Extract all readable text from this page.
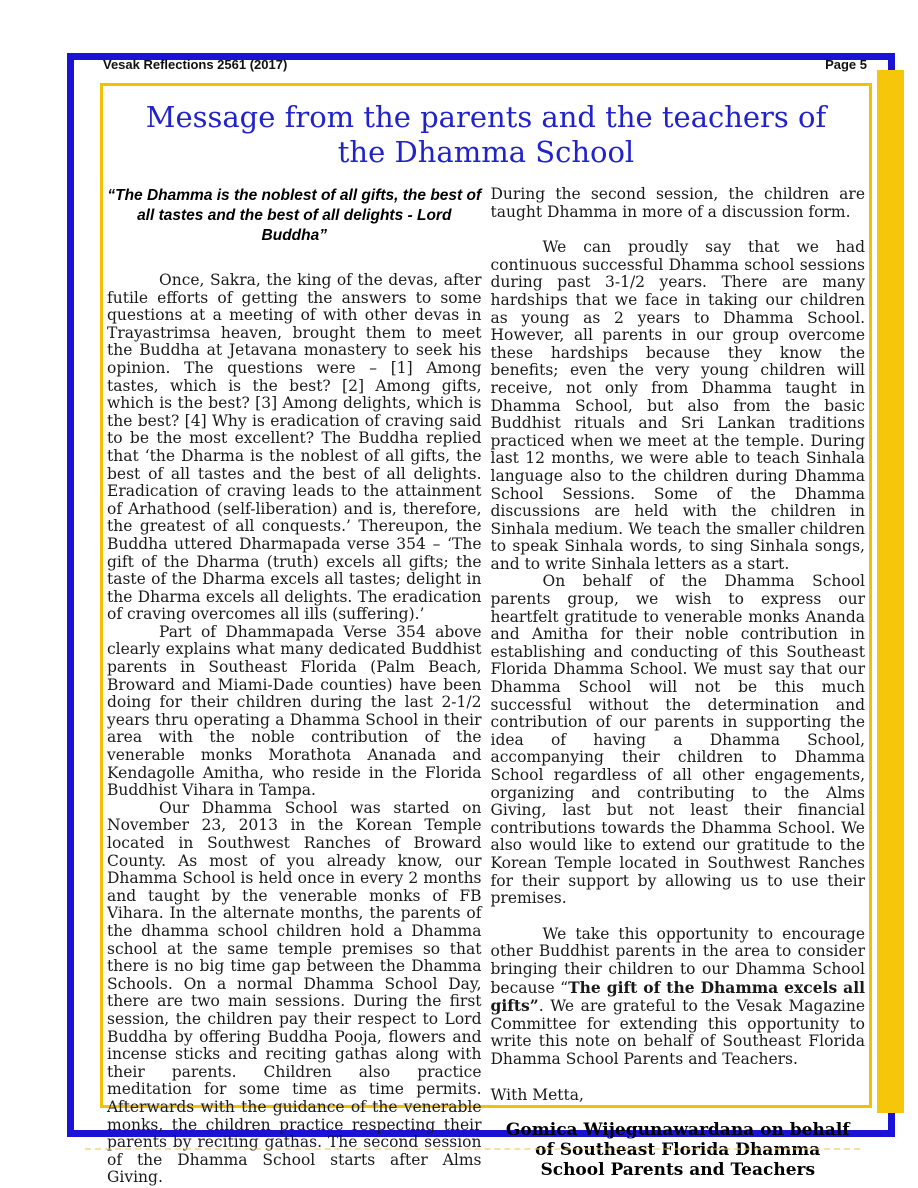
Vesak Reflections 2561 (2017)	Page 5
Message from the parents and the teachers of the Dhamma School
“The Dhamma is the noblest of all gifts, the best of all tastes and the best of all delights - Lord Buddha”

Once, Sakra, the king of the devas, after futile efforts of getting the answers to some questions at a meeting of with other devas in Trayastrimsa heaven, brought them to meet the Buddha at Jetavana monastery to seek his opinion. The questions were – [1] Among tastes, which is the best? [2] Among gifts, which is the best? [3] Among delights, which is the best? [4] Why is eradication of craving said to be the most excellent? The Buddha replied that ‘the Dharma is the noblest of all gifts, the best of all tastes and the best of all delights. Eradication of craving leads to the attainment of Arhathood (self-liberation) and is, therefore, the greatest of all conquests.’ Thereupon, the Buddha uttered Dharmapada verse 354 – ‘The gift of the Dharma (truth) excels all gifts; the taste of the Dharma excels all tastes; delight in the Dharma excels all delights. The eradication of craving overcomes all ills (suffering).’

Part of Dhammapada Verse 354 above clearly explains what many dedicated Buddhist parents in Southeast Florida (Palm Beach, Broward and Miami-Dade counties) have been doing for their children during the last 2-1/2 years thru operating a Dhamma School in their area with the noble contribution of the venerable monks Morathota Ananada and Kendagolle Amitha, who reside in the Florida Buddhist Vihara in Tampa.

Our Dhamma School was started on November 23, 2013 in the Korean Temple located in Southwest Ranches of Broward County. As most of you already know, our Dhamma School is held once in every 2 months and taught by the venerable monks of FB Vihara. In the alternate months, the parents of the dhamma school children hold a Dhamma school at the same temple premises so that there is no big time gap between the Dhamma Schools. On a normal Dhamma School Day, there are two main sessions. During the first session, the children pay their respect to Lord Buddha by offering Buddha Pooja, flowers and incense sticks and reciting gathas along with their parents. Children also practice meditation for some time as time permits. Afterwards with the guidance of the venerable monks, the children practice respecting their parents by reciting gathas. The second session of the Dhamma School starts after Alms Giving.

During the second session, the children are taught Dhamma in more of a discussion form.

We can proudly say that we had continuous successful Dhamma school sessions during past 3-1/2 years. There are many hardships that we face in taking our children as young as 2 years to Dhamma School. However, all parents in our group overcome these hardships because they know the benefits; even the very young children will receive, not only from Dhamma taught in Dhamma School, but also from the basic Buddhist rituals and Sri Lankan traditions practiced when we meet at the temple. During last 12 months, we were able to teach Sinhala language also to the children during Dhamma School Sessions. Some of the Dhamma discussions are held with the children in Sinhala medium. We teach the smaller children to speak Sinhala words, to sing Sinhala songs, and to write Sinhala letters as a start.

On behalf of the Dhamma School parents group, we wish to express our heartfelt gratitude to venerable monks Ananda and Amitha for their noble contribution in establishing and conducting of this Southeast Florida Dhamma School. We must say that our Dhamma School will not be this much successful without the determination and contribution of our parents in supporting the idea of having a Dhamma School, accompanying their children to Dhamma School regardless of all other engagements, organizing and contributing to the Alms Giving, last but not least their financial contributions towards the Dhamma School. We also would like to extend our gratitude to the Korean Temple located in Southwest Ranches for their support by allowing us to use their premises.

We take this opportunity to encourage other Buddhist parents in the area to consider bringing their children to our Dhamma School because “The gift of the Dhamma excels all gifts”. We are grateful to the Vesak Magazine Committee for extending this opportunity to write this note on behalf of Southeast Florida Dhamma School Parents and Teachers.

With Metta,

Gomica Wijegunawardana on behalf of Southeast Florida Dhamma School Parents and Teachers
